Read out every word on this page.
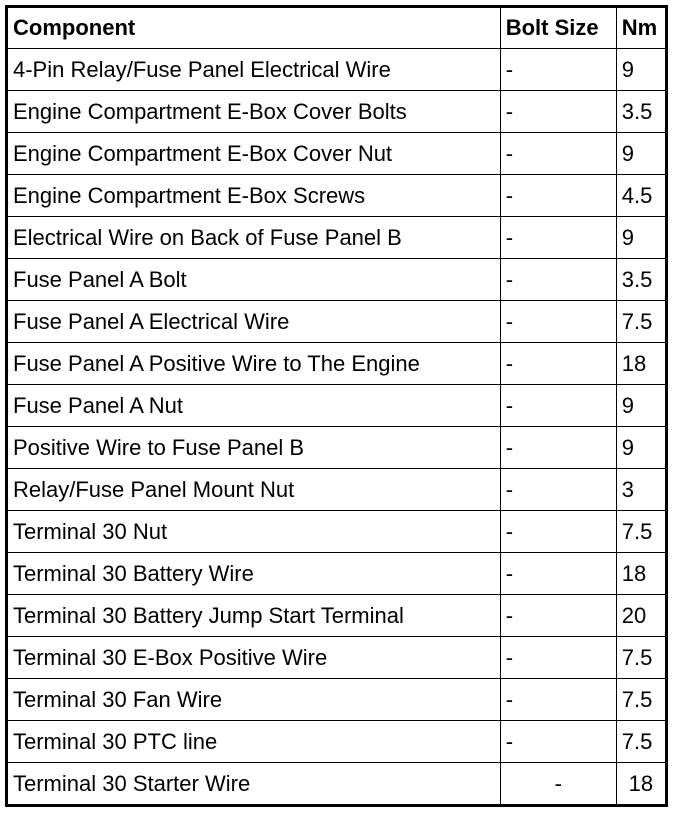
Component	Bolt Size	Nm
4-Pin Relay/Fuse Panel Electrical Wire	-	9
Engine Compartment E-Box Cover Bolts	-	3.5
Engine Compartment E-Box Cover Nut	-	9
Engine Compartment E-Box Screws	-	4.5
Electrical Wire on Back of Fuse Panel B	-	9
Fuse Panel A Bolt	-	3.5
Fuse Panel A Electrical Wire	-	7.5
Fuse Panel A Positive Wire to The Engine	-	18
Fuse Panel A Nut	-	9
Positive Wire to Fuse Panel B	-	9
Relay/Fuse Panel Mount Nut	-	3
Terminal 30 Nut	-	7.5
Terminal 30 Battery Wire	-	18
Terminal 30 Battery Jump Start Terminal	-	20
Terminal 30 E-Box Positive Wire	-	7.5
Terminal 30 Fan Wire	-	7.5
Terminal 30 PTC line	-	7.5
Terminal 30 Starter Wire	-	18
